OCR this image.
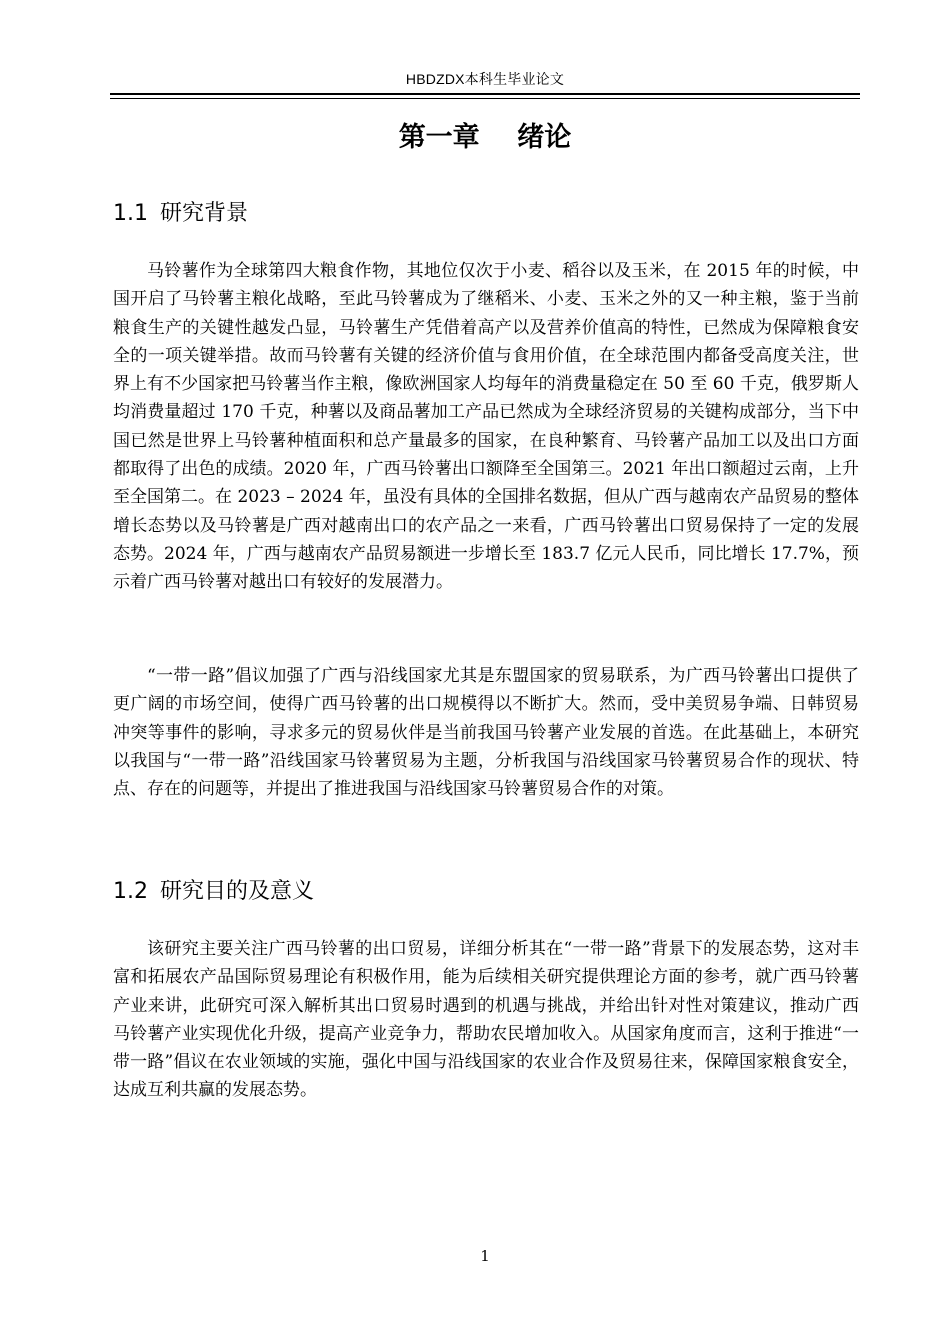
HBDZDX本科生毕业论文
第一章    绪论
1.1 研究背景

马铃薯作为全球第四大粮食作物，其地位仅次于小麦、稻谷以及玉米，在 2015 年的时候，中国开启了马铃薯主粮化战略，至此马铃薯成为了继稻米、小麦、玉米之外的又一种主粮，鉴于当前粮食生产的关键性越发凸显，马铃薯生产凭借着高产以及营养价值高的特性，已然成为保障粮食安全的一项关键举措。故而马铃薯有关键的经济价值与食用价值，在全球范围内都备受高度关注，世界上有不少国家把马铃薯当作主粮，像欧洲国家人均每年的消费量稳定在 50 至 60 千克，俄罗斯人均消费量超过 170 千克，种薯以及商品薯加工产品已然成为全球经济贸易的关键构成部分，当下中国已然是世界上马铃薯种植面积和总产量最多的国家，在良种繁育、马铃薯产品加工以及出口方面都取得了出色的成绩。2020 年，广西马铃薯出口额降至全国第三。2021 年出口额超过云南，上升至全国第二。在 2023 – 2024 年，虽没有具体的全国排名数据，但从广西与越南农产品贸易的整体增长态势以及马铃薯是广西对越南出口的农产品之一来看，广西马铃薯出口贸易保持了一定的发展态势。2024 年，广西与越南农产品贸易额进一步增长至 183.7 亿元人民币，同比增长 17.7%，预示着广西马铃薯对越出口有较好的发展潜力。

“一带一路”倡议加强了广西与沿线国家尤其是东盟国家的贸易联系，为广西马铃薯出口提供了更广阔的市场空间，使得广西马铃薯的出口规模得以不断扩大。然而，受中美贸易争端、日韩贸易冲突等事件的影响，寻求多元的贸易伙伴是当前我国马铃薯产业发展的首选。在此基础上，本研究以我国与“一带一路”沿线国家马铃薯贸易为主题，分析我国与沿线国家马铃薯贸易合作的现状、特点、存在的问题等，并提出了推进我国与沿线国家马铃薯贸易合作的对策。

1.2 研究目的及意义

该研究主要关注广西马铃薯的出口贸易，详细分析其在“一带一路”背景下的发展态势，这对丰富和拓展农产品国际贸易理论有积极作用，能为后续相关研究提供理论方面的参考，就广西马铃薯产业来讲，此研究可深入解析其出口贸易时遇到的机遇与挑战，并给出针对性对策建议，推动广西马铃薯产业实现优化升级，提高产业竞争力，帮助农民增加收入。从国家角度而言，这利于推进“一带一路”倡议在农业领域的实施，强化中国与沿线国家的农业合作及贸易往来，保障国家粮食安全，达成互利共赢的发展态势。

1
